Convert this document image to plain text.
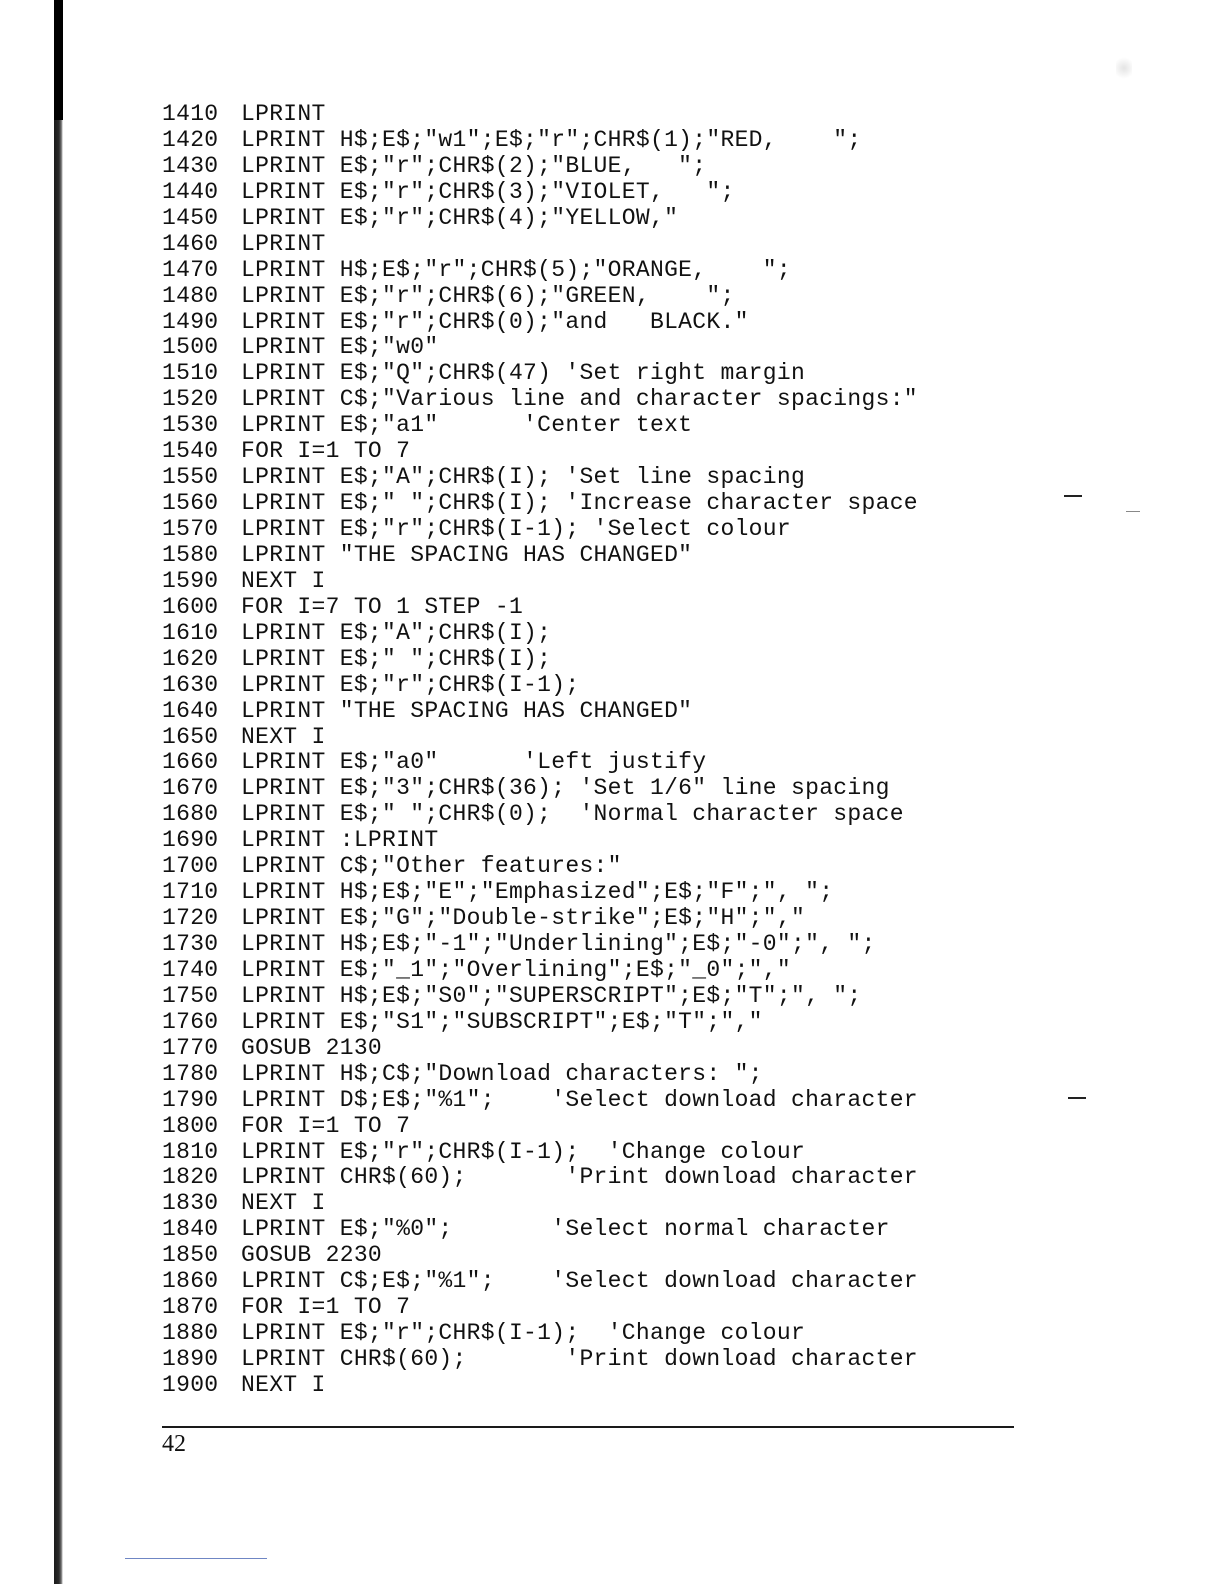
1410 LPRINT
1420 LPRINT H$;E$;"w1";E$;"r";CHR$(1);"RED,    ";
1430 LPRINT E$;"r";CHR$(2);"BLUE,   ";
1440 LPRINT E$;"r";CHR$(3);"VIOLET,   ";
1450 LPRINT E$;"r";CHR$(4);"YELLOW,"
1460 LPRINT
1470 LPRINT H$;E$;"r";CHR$(5);"ORANGE,    ";
1480 LPRINT E$;"r";CHR$(6);"GREEN,    ";
1490 LPRINT E$;"r";CHR$(0);"and   BLACK."
1500 LPRINT E$;"w0"
1510 LPRINT E$;"Q";CHR$(47) 'Set right margin
1520 LPRINT C$;"Various line and character spacings:"
1530 LPRINT E$;"a1"      'Center text
1540 FOR I=1 TO 7
1550 LPRINT E$;"A";CHR$(I); 'Set line spacing
1560 LPRINT E$;" ";CHR$(I); 'Increase character space
1570 LPRINT E$;"r";CHR$(I-1); 'Select colour
1580 LPRINT "THE SPACING HAS CHANGED"
1590 NEXT I
1600 FOR I=7 TO 1 STEP -1
1610 LPRINT E$;"A";CHR$(I);
1620 LPRINT E$;" ";CHR$(I);
1630 LPRINT E$;"r";CHR$(I-1);
1640 LPRINT "THE SPACING HAS CHANGED"
1650 NEXT I
1660 LPRINT E$;"a0"      'Left justify
1670 LPRINT E$;"3";CHR$(36); 'Set 1/6" line spacing
1680 LPRINT E$;" ";CHR$(0);  'Normal character space
1690 LPRINT :LPRINT
1700 LPRINT C$;"Other features:"
1710 LPRINT H$;E$;"E";"Emphasized";E$;"F";", ";
1720 LPRINT E$;"G";"Double-strike";E$;"H";","
1730 LPRINT H$;E$;"-1";"Underlining";E$;"-0";", ";
1740 LPRINT E$;"_1";"Overlining";E$;"_0";","
1750 LPRINT H$;E$;"S0";"SUPERSCRIPT";E$;"T";", ";
1760 LPRINT E$;"S1";"SUBSCRIPT";E$;"T";","
1770 GOSUB 2130
1780 LPRINT H$;C$;"Download characters: ";
1790 LPRINT D$;E$;"%1";    'Select download character
1800 FOR I=1 TO 7
1810 LPRINT E$;"r";CHR$(I-1);  'Change colour
1820 LPRINT CHR$(60);       'Print download character
1830 NEXT I
1840 LPRINT E$;"%0";       'Select normal character
1850 GOSUB 2230
1860 LPRINT C$;E$;"%1";    'Select download character
1870 FOR I=1 TO 7
1880 LPRINT E$;"r";CHR$(I-1);  'Change colour
1890 LPRINT CHR$(60);       'Print download character
1900 NEXT I
42
